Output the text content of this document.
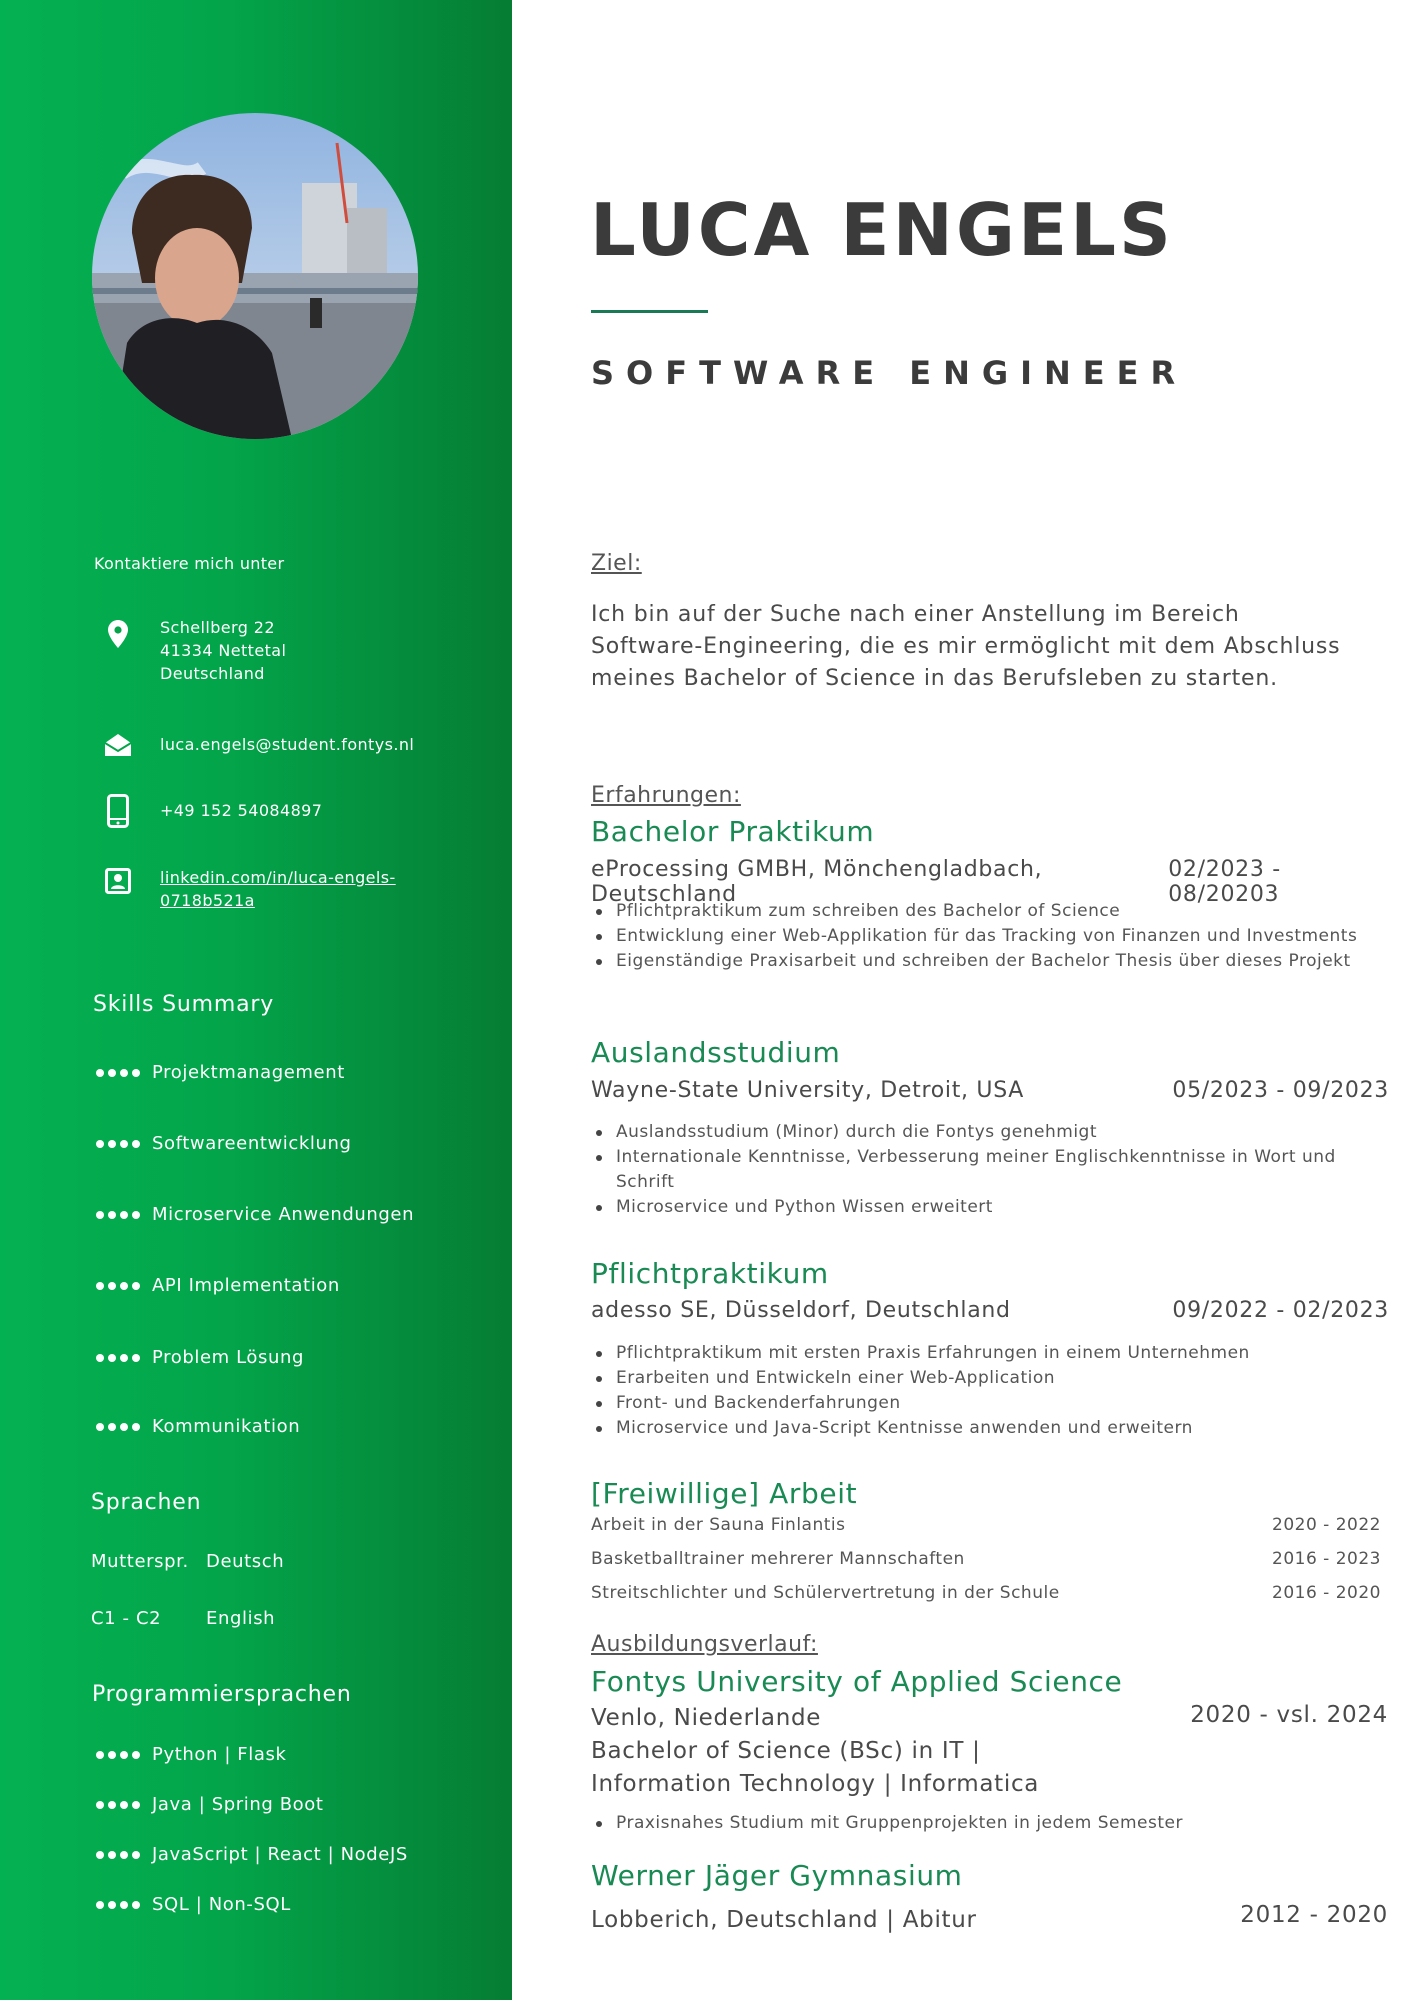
Kontaktiere mich unter
Schellberg 22
41334 Nettetal
Deutschland
luca.engels@student.fontys.nl
+49 152 54084897
linkedin.com/in/luca-engels-
0718b521a
Skills Summary
Projektmanagement
Softwareentwicklung
Microservice Anwendungen
API Implementation
Problem Lösung
Kommunikation
Sprachen
Mutterspr. Deutsch
C1 - C2	English
Programmiersprachen
Python | Flask
Java | Spring Boot
JavaScript | React | NodeJS
SQL | Non-SQL
LUCA ENGELS
SOFTWARE ENGINEER
Ziel:
Ich bin auf der Suche nach einer Anstellung im Bereich Software-Engineering, die es mir ermöglicht mit dem Abschluss meines Bachelor of Science in das Berufsleben zu starten.
Erfahrungen:
Bachelor Praktikum
eProcessing GMBH, Mönchengladbach, Deutschland
02/2023 - 08/20203
Pflichtpraktikum zum schreiben des Bachelor of Science
Entwicklung einer Web-Applikation für das Tracking von Finanzen und Investments
Eigenständige Praxisarbeit und schreiben der Bachelor Thesis über dieses Projekt
Auslandsstudium
Wayne-State University, Detroit, USA	05/2023 - 09/2023
Auslandsstudium (Minor) durch die Fontys genehmigt
Internationale Kenntnisse, Verbesserung meiner Englischkenntnisse in Wort und Schrift
Microservice und Python Wissen erweitert
Pflichtpraktikum
adesso SE, Düsseldorf, Deutschland	09/2022 - 02/2023
Pflichtpraktikum mit ersten Praxis Erfahrungen in einem Unternehmen
Erarbeiten und Entwickeln einer Web-Application
Front- und Backenderfahrungen
Microservice und Java-Script Kentnisse anwenden und erweitern
[Freiwillige] Arbeit
Arbeit in der Sauna Finlantis	2020 - 2022
Basketballtrainer mehrerer Mannschaften	2016 - 2023
Streitschlichter und Schülervertretung in der Schule	2016 - 2020
Ausbildungsverlauf:
Fontys University of Applied Science
Venlo, Niederlande
Bachelor of Science (BSc) in IT |
Information Technology | Informatica
2020 - vsl. 2024
Praxisnahes Studium mit Gruppenprojekten in jedem Semester
Werner Jäger Gymnasium
Lobberich, Deutschland | Abitur	2012 - 2020
